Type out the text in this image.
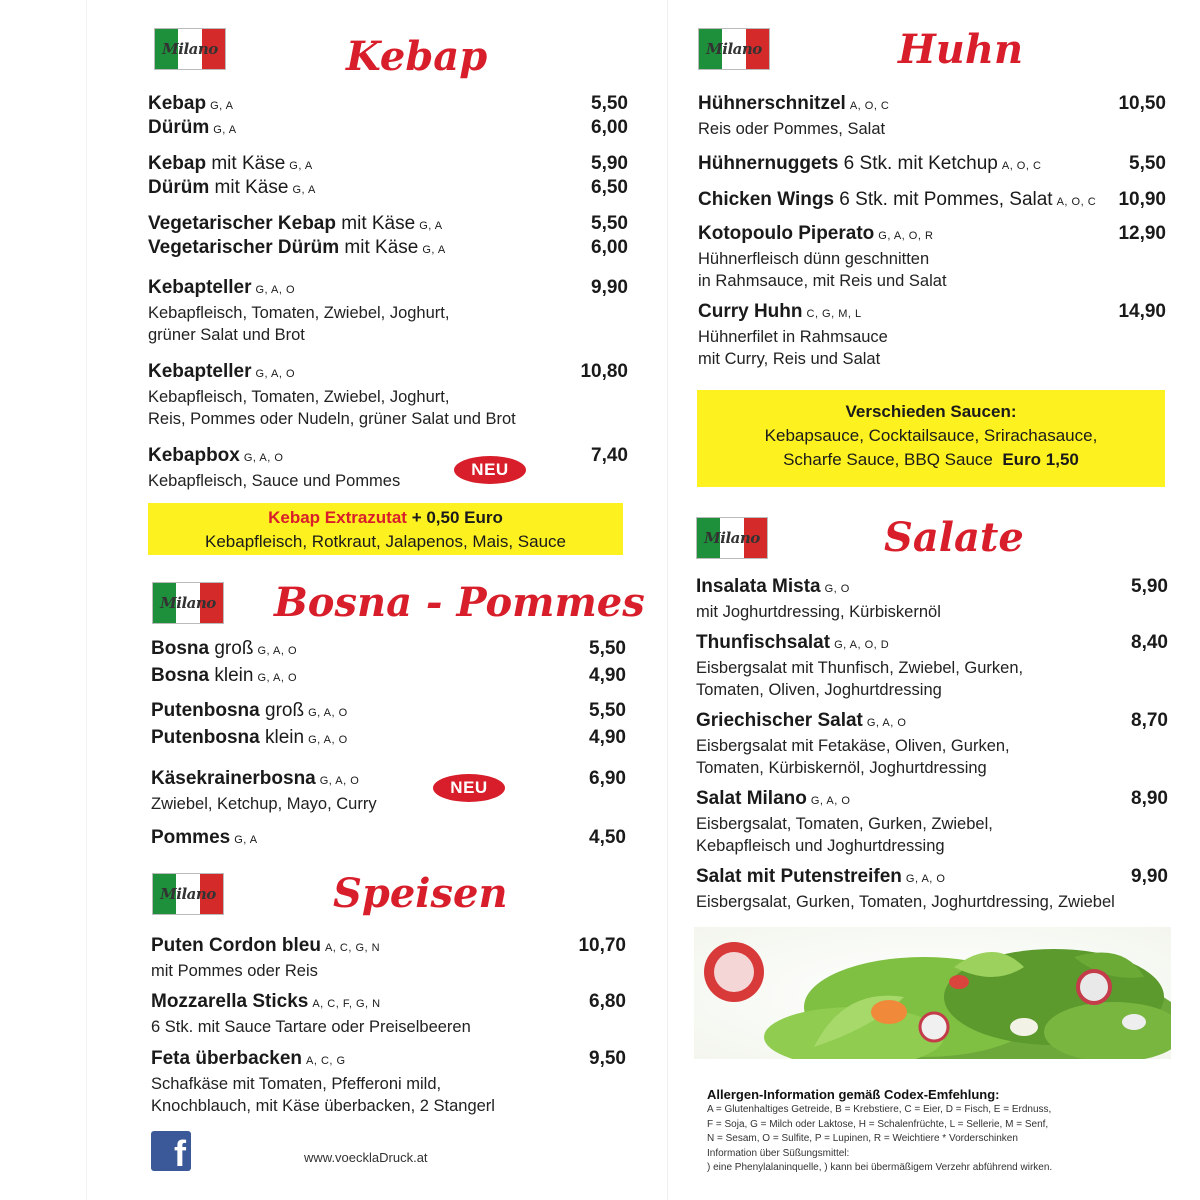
Milano	Kebap
Kebap G, A	5,50
Dürüm G, A	6,00
Kebap mit Käse G, A	5,90
Dürüm mit Käse G, A	6,50
Vegetarischer Kebap mit Käse G, A	5,50
Vegetarischer Dürüm mit Käse G, A	6,00
Kebapteller G, A, O	9,90
Kebapfleisch, Tomaten, Zwiebel, Joghurt,
grüner Salat und Brot
Kebapteller G, A, O	10,80
Kebapfleisch, Tomaten, Zwiebel, Joghurt,
Reis, Pommes oder Nudeln, grüner Salat und Brot
Kebapbox G, A, O	7,40
Kebapfleisch, Sauce und Pommes
NEU
Kebap Extrazutat + 0,50 Euro
Kebapfleisch, Rotkraut, Jalapenos, Mais, Sauce
Milano Bosna - Pommes
Bosna groß G, A, O	5,50
Bosna klein G, A, O	4,90
Putenbosna groß G, A, O	5,50
Putenbosna klein G, A, O	4,90
Käsekrainerbosna G, A, O	6,90
Zwiebel, Ketchup, Mayo, Curry
NEU
Pommes G, A	4,50
Milano	Speisen
Puten Cordon bleu A, C, G, N	10,70
mit Pommes oder Reis
Mozzarella Sticks A, C, F, G, N	6,80
6 Stk. mit Sauce Tartare oder Preiselbeeren
Feta überbacken A, C, G	9,50
Schafkäse mit Tomaten, Pfefferoni mild,
Knochblauch, mit Käse überbacken, 2 Stangerl
f	www.voecklaDruck.at
Milano	Huhn
Hühnerschnitzel A, O, C	10,50
Reis oder Pommes, Salat
Hühnernuggets 6 Stk. mit Ketchup A, O, C	5,50
Chicken Wings 6 Stk. mit Pommes, Salat A, O, C 10,90
Kotopoulo Piperato G, A, O, R	12,90
Hühnerfleisch dünn geschnitten
in Rahmsauce, mit Reis und Salat
Curry Huhn C, G, M, L	14,90
Hühnerfilet in Rahmsauce
mit Curry, Reis und Salat
Verschieden Saucen:
Kebapsauce, Cocktailsauce, Srirachasauce,
Scharfe Sauce, BBQ Sauce Euro 1,50
Milano	Salate
Insalata Mista G, O	5,90
mit Joghurtdressing, Kürbiskernöl
Thunfischsalat G, A, O, D	8,40
Eisbergsalat mit Thunfisch, Zwiebel, Gurken,
Tomaten, Oliven, Joghurtdressing
Griechischer Salat G, A, O	8,70
Eisbergsalat mit Fetakäse, Oliven, Gurken,
Tomaten, Kürbiskernöl, Joghurtdressing
Salat Milano G, A, O	8,90
Eisbergsalat, Tomaten, Gurken, Zwiebel,
Kebapfleisch und Joghurtdressing
Salat mit Putenstreifen G, A, O	9,90
Eisbergsalat, Gurken, Tomaten, Joghurtdressing, Zwiebel
Allergen-Information gemäß Codex-Emfehlung:
A = Glutenhaltiges Getreide, B = Krebstiere, C = Eier, D = Fisch, E = Erdnuss,
F = Soja, G = Milch oder Laktose, H = Schalenfrüchte, L = Sellerie, M = Senf,
N = Sesam, O = Sulfite, P = Lupinen, R = Weichtiere * Vorderschinken
Information über Süßungsmittel:
) eine Phenylalaninquelle, ) kann bei übermäßigem Verzehr abführend wirken.
